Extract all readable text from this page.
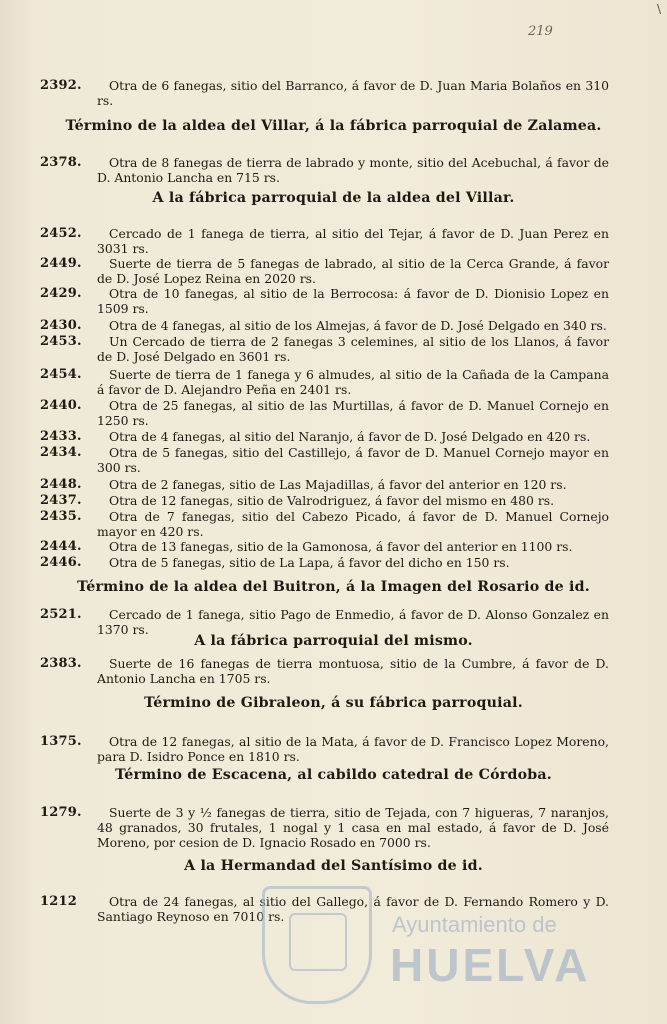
\
219
2392.	Otra de 6 fanegas, sitio del Barranco, á favor de D. Juan Maria Bolaños en 310 rs.
Término de la aldea del Villar, á la fábrica parroquial de Zalamea.
2378.	Otra de 8 fanegas de tierra de labrado y monte, sitio del Acebuchal, á favor de D. Antonio Lancha en 715 rs.
A la fábrica parroquial de la aldea del Villar.
2452.	Cercado de 1 fanega de tierra, al sitio del Tejar, á favor de D. Juan Perez en 3031 rs.
2449.	Suerte de tierra de 5 fanegas de labrado, al sitio de la Cerca Grande, á favor de D. José Lopez Reina en 2020 rs.
2429.	Otra de 10 fanegas, al sitio de la Berrocosa: á favor de D. Dionisio Lopez en 1509 rs.
2430.	Otra de 4 fanegas, al sitio de los Almejas, á favor de D. José Delgado en 340 rs.
2453.	Un Cercado de tierra de 2 fanegas 3 celemines, al sitio de los Llanos, á favor de D. José Delgado en 3601 rs.
2454.	Suerte de tierra de 1 fanega y 6 almudes, al sitio de la Cañada de la Campana á favor de D. Alejandro Peña en 2401 rs.
2440.	Otra de 25 fanegas, al sitio de las Murtillas, á favor de D. Manuel Cornejo en 1250 rs.
2433.	Otra de 4 fanegas, al sitio del Naranjo, á favor de D. José Delgado en 420 rs.
2434.	Otra de 5 fanegas, sitio del Castillejo, á favor de D. Manuel Cornejo mayor en 300 rs.
2448.	Otra de 2 fanegas, sitio de Las Majadillas, á favor del anterior en 120 rs.
2437.	Otra de 12 fanegas, sitio de Valrodriguez, á favor del mismo en 480 rs.
2435.	Otra de 7 fanegas, sitio del Cabezo Picado, á favor de D. Manuel Cornejo mayor en 420 rs.
2444.	Otra de 13 fanegas, sitio de la Gamonosa, á favor del anterior en 1100 rs.
2446.	Otra de 5 fanegas, sitio de La Lapa, á favor del dicho en 150 rs.
Término de la aldea del Buitron, á la Imagen del Rosario de id.
2521.	Cercado de 1 fanega, sitio Pago de Enmedio, á favor de D. Alonso Gonzalez en 1370 rs.
A la fábrica parroquial del mismo.
2383.	Suerte de 16 fanegas de tierra montuosa, sitio de la Cumbre, á favor de D. Antonio Lancha en 1705 rs.
Término de Gibraleon, á su fábrica parroquial.
1375.	Otra de 12 fanegas, al sitio de la Mata, á favor de D. Francisco Lopez Moreno, para D. Isidro Ponce en 1810 rs.
Término de Escacena, al cabildo catedral de Córdoba.
1279.	Suerte de 3 y ½ fanegas de tierra, sitio de Tejada, con 7 higueras, 7 naranjos, 48 granados, 30 frutales, 1 nogal y 1 casa en mal estado, á favor de D. José Moreno, por cesion de D. Ignacio Rosado en 7000 rs.
A la Hermandad del Santísimo de id.
1212	Otra de 24 fanegas, al sitio del Gallego, á favor de D. Fernando Romero y D. Santiago Reynoso en 7010 rs.	Ayuntamiento de
HUELVA
